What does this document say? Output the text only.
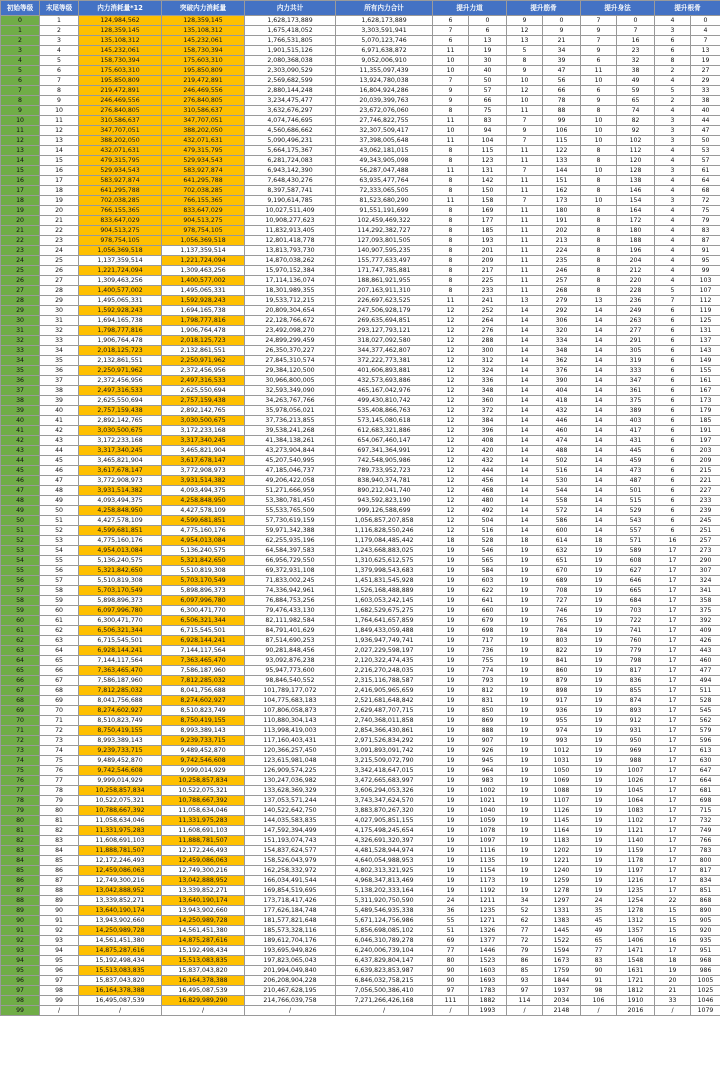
初始等级	末尾等级	内力消耗量*12	突破内力消耗量	内力共计	所有内力合计	提升力道		提升筋骨		提升身法		提升根骨	
0	1	124,984,562	128,359,145	1,628,173,889	1,628,173,889	6	0	9	0	7	0	4	0
1	2	128,359,145	135,108,312	1,675,418,052	3,303,591,941	7	6	12	9	9	7	3	4
2	3	135,108,312	145,232,061	1,766,531,805	5,070,123,746	6	13	13	21	7	16	6	7
3	4	145,232,061	158,730,394	1,901,515,126	6,971,638,872	11	19	5	34	9	23	6	13
4	5	158,730,394	175,603,310	2,080,368,038	9,052,006,910	10	30	8	39	6	32	8	19
5	6	175,603,310	195,850,809	2,303,090,529	11,355,097,439	10	40	9	47	11	38	2	27
6	7	195,850,809	219,472,891	2,569,682,599	13,924,780,038	7	50	10	56	10	49	4	29
7	8	219,472,891	246,469,556	2,880,144,248	16,804,924,286	9	57	12	66	6	59	5	33
8	9	246,469,556	276,840,805	3,234,475,477	20,039,399,763	9	66	10	78	9	65	2	38
9	10	276,840,805	310,586,637	3,632,676,297	23,672,076,060	8	75	11	88	8	74	4	40
10	11	310,586,637	347,707,051	4,074,746,695	27,746,822,755	11	83	7	99	10	82	3	44
11	12	347,707,051	388,202,050	4,560,686,662	32,307,509,417	10	94	9	106	10	92	3	47
12	13	388,202,050	432,071,631	5,090,496,231	37,398,005,648	11	104	7	115	10	102	3	50
13	14	432,071,631	479,315,795	5,664,175,367	43,062,181,015	8	115	11	122	8	112	4	53
14	15	479,315,795	529,934,543	6,281,724,083	49,343,905,098	8	123	11	133	8	120	4	57
15	16	529,934,543	583,927,874	6,943,142,390	56,287,047,488	11	131	7	144	10	128	3	61
16	17	583,927,874	641,295,788	7,648,430,276	63,935,477,764	8	142	11	151	8	138	4	64
17	18	641,295,788	702,038,285	8,397,587,741	72,333,065,505	8	150	11	162	8	146	4	68
18	19	702,038,285	766,155,365	9,190,614,785	81,523,680,290	11	158	7	173	10	154	3	72
19	20	766,155,365	833,647,029	10,027,511,409	91,551,191,699	8	169	11	180	8	164	4	75
20	21	833,647,029	904,513,275	10,908,277,623	102,459,469,322	8	177	11	191	8	172	4	79
21	22	904,513,275	978,754,105	11,832,913,405	114,292,382,727	8	185	11	202	8	180	4	83
22	23	978,754,105	1,056,369,518	12,801,418,778	127,093,801,505	8	193	11	213	8	188	4	87
23	24	1,056,369,518	1,137,359,514	13,813,793,730	140,907,595,235	8	201	11	224	8	196	4	91
24	25	1,137,359,514	1,221,724,094	14,870,038,262	155,777,633,497	8	209	11	235	8	204	4	95
25	26	1,221,724,094	1,309,463,256	15,970,152,384	171,747,785,881	8	217	11	246	8	212	4	99
26	27	1,309,463,256	1,400,577,002	17,114,136,074	188,861,921,955	8	225	11	257	8	220	4	103
27	28	1,400,577,002	1,495,065,331	18,301,989,355	207,163,911,310	8	233	11	268	8	228	5	107
28	29	1,495,065,331	1,592,928,243	19,533,712,215	226,697,623,525	11	241	13	279	13	236	7	112
29	30	1,592,928,243	1,694,165,738	20,809,304,654	247,506,928,179	12	252	14	292	14	249	6	119
30	31	1,694,165,738	1,798,777,816	22,128,766,672	269,635,694,851	12	264	14	306	14	263	6	125
31	32	1,798,777,816	1,906,764,478	23,492,098,270	293,127,793,121	12	276	14	320	14	277	6	131
32	33	1,906,764,478	2,018,125,723	24,899,299,459	318,027,092,580	12	288	14	334	14	291	6	137
33	34	2,018,125,723	2,132,861,551	26,350,370,227	344,377,462,807	12	300	14	348	14	305	6	143
34	35	2,132,861,551	2,250,971,962	27,845,310,574	372,222,773,381	12	312	14	362	14	319	6	149
35	36	2,250,971,962	2,372,456,956	29,384,120,500	401,606,893,881	12	324	14	376	14	333	6	155
36	37	2,372,456,956	2,497,316,533	30,966,800,005	432,573,693,886	12	336	14	390	14	347	6	161
37	38	2,497,316,533	2,625,550,694	32,593,349,090	465,167,042,976	12	348	14	404	14	361	6	167
38	39	2,625,550,694	2,757,159,438	34,263,767,766	499,430,810,742	12	360	14	418	14	375	6	173
39	40	2,757,159,438	2,892,142,765	35,978,056,021	535,408,866,763	12	372	14	432	14	389	6	179
40	41	2,892,142,765	3,030,500,675	37,736,213,855	573,145,080,618	12	384	14	446	14	403	6	185
41	42	3,030,500,675	3,172,233,168	39,538,241,268	612,683,321,886	12	396	14	460	14	417	6	191
42	43	3,172,233,168	3,317,340,245	41,384,138,261	654,067,460,147	12	408	14	474	14	431	6	197
43	44	3,317,340,245	3,465,821,904	43,273,904,844	697,341,364,991	12	420	14	488	14	445	6	203
44	45	3,465,821,904	3,617,678,147	45,207,540,995	742,548,905,986	12	432	14	502	14	459	6	209
45	46	3,617,678,147	3,772,908,973	47,185,046,737	789,733,952,723	12	444	14	516	14	473	6	215
46	47	3,772,908,973	3,931,514,382	49,206,422,058	838,940,374,781	12	456	14	530	14	487	6	221
47	48	3,931,514,382	4,093,494,375	51,271,666,959	890,212,041,740	12	468	14	544	14	501	6	227
48	49	4,093,494,375	4,258,848,950	53,380,781,450	943,592,823,190	12	480	14	558	14	515	6	233
49	50	4,258,848,950	4,427,578,109	55,533,765,509	999,126,588,699	12	492	14	572	14	529	6	239
50	51	4,427,578,109	4,599,681,851	57,730,619,159	1,056,857,207,858	12	504	14	586	14	543	6	245
51	52	4,599,681,851	4,775,160,176	59,971,342,388	1,116,828,550,246	12	516	14	600	14	557	6	251
52	53	4,775,160,176	4,954,013,084	62,255,935,196	1,179,084,485,442	18	528	18	614	18	571	16	257
53	54	4,954,013,084	5,136,240,575	64,584,397,583	1,243,668,883,025	19	546	19	632	19	589	17	273
54	55	5,136,240,575	5,321,842,650	66,956,729,550	1,310,625,612,575	19	565	19	651	19	608	17	290
55	56	5,321,842,650	5,510,819,308	69,372,931,108	1,379,998,543,683	19	584	19	670	19	627	17	307
56	57	5,510,819,308	5,703,170,549	71,833,002,245	1,451,831,545,928	19	603	19	689	19	646	17	324
57	58	5,703,170,549	5,898,896,373	74,336,942,961	1,526,168,488,889	19	622	19	708	19	665	17	341
58	59	5,898,896,373	6,097,996,780	76,884,753,256	1,603,053,242,145	19	641	19	727	19	684	17	358
59	60	6,097,996,780	6,300,471,770	79,476,433,130	1,682,529,675,275	19	660	19	746	19	703	17	375
60	61	6,300,471,770	6,506,321,344	82,111,982,584	1,764,641,657,859	19	679	19	765	19	722	17	392
61	62	6,506,321,344	6,715,545,501	84,791,401,629	1,849,433,059,488	19	698	19	784	19	741	17	409
62	63	6,715,545,501	6,928,144,241	87,514,690,253	1,936,947,749,741	19	717	19	803	19	760	17	426
63	64	6,928,144,241	7,144,117,564	90,281,848,456	2,027,229,598,197	19	736	19	822	19	779	17	443
64	65	7,144,117,564	7,363,465,470	93,092,876,238	2,120,322,474,435	19	755	19	841	19	798	17	460
65	66	7,363,465,470	7,586,187,960	95,947,773,600	2,216,270,248,035	19	774	19	860	19	817	17	477
66	67	7,586,187,960	7,812,285,032	98,846,540,552	2,315,116,788,587	19	793	19	879	19	836	17	494
67	68	7,812,285,032	8,041,756,688	101,789,177,072	2,416,905,965,659	19	812	19	898	19	855	17	511
68	69	8,041,756,688	8,274,602,927	104,775,683,183	2,521,681,648,842	19	831	19	917	19	874	17	528
69	70	8,274,602,927	8,510,823,749	107,806,058,873	2,629,487,707,715	19	850	19	936	19	893	17	545
70	71	8,510,823,749	8,750,419,155	110,880,304,143	2,740,368,011,858	19	869	19	955	19	912	17	562
71	72	8,750,419,155	8,993,389,143	113,998,419,003	2,854,366,430,861	19	888	19	974	19	931	17	579
72	73	8,993,389,143	9,239,733,715	117,160,403,431	2,971,526,834,292	19	907	19	993	19	950	17	596
73	74	9,239,733,715	9,489,452,870	120,366,257,450	3,091,893,091,742	19	926	19	1012	19	969	17	613
74	75	9,489,452,870	9,742,546,608	123,615,981,048	3,215,509,072,790	19	945	19	1031	19	988	17	630
75	76	9,742,546,608	9,999,014,929	126,909,574,225	3,342,418,647,015	19	964	19	1050	19	1007	17	647
76	77	9,999,014,929	10,258,857,834	130,247,036,982	3,472,665,683,997	19	983	19	1069	19	1026	17	664
77	78	10,258,857,834	10,522,075,321	133,628,369,329	3,606,294,053,326	19	1002	19	1088	19	1045	17	681
78	79	10,522,075,321	10,788,667,392	137,053,571,244	3,743,347,624,570	19	1021	19	1107	19	1064	17	698
79	80	10,788,667,392	11,058,634,046	140,522,642,750	3,883,870,267,320	19	1040	19	1126	19	1083	17	715
80	81	11,058,634,046	11,331,975,283	144,035,583,835	4,027,905,851,155	19	1059	19	1145	19	1102	17	732
81	82	11,331,975,283	11,608,691,103	147,592,394,499	4,175,498,245,654	19	1078	19	1164	19	1121	17	749
82	83	11,608,691,103	11,888,781,507	151,193,074,743	4,326,691,320,397	19	1097	19	1183	19	1140	17	766
83	84	11,888,781,507	12,172,246,493	154,837,624,577	4,481,528,944,974	19	1116	19	1202	19	1159	17	783
84	85	12,172,246,493	12,459,086,063	158,526,043,979	4,640,054,988,953	19	1135	19	1221	19	1178	17	800
85	86	12,459,086,063	12,749,300,216	162,258,332,972	4,802,313,321,925	19	1154	19	1240	19	1197	17	817
86	87	12,749,300,216	13,042,888,952	166,034,491,544	4,968,347,813,469	19	1173	19	1259	19	1216	17	834
87	88	13,042,888,952	13,339,852,271	169,854,519,695	5,138,202,333,164	19	1192	19	1278	19	1235	17	851
88	89	13,339,852,271	13,640,190,174	173,718,417,426	5,311,920,750,590	24	1211	34	1297	24	1254	22	868
89	90	13,640,190,174	13,943,902,660	177,626,184,748	5,489,546,935,338	36	1235	52	1331	35	1278	15	890
90	91	13,943,902,660	14,250,989,728	181,577,821,648	5,671,124,756,986	55	1271	62	1383	45	1312	15	905
91	92	14,250,989,728	14,561,451,380	185,573,328,116	5,856,698,085,102	51	1326	77	1445	49	1357	15	920
92	93	14,561,451,380	14,875,287,616	189,612,704,176	6,046,310,789,278	69	1377	72	1522	65	1406	16	935
93	94	14,875,287,616	15,192,498,434	193,695,949,826	6,240,006,739,104	77	1446	79	1594	77	1471	17	951
94	95	15,192,498,434	15,513,083,835	197,823,065,043	6,437,829,804,147	80	1523	86	1673	83	1548	18	968
95	96	15,513,083,835	15,837,043,820	201,994,049,840	6,639,823,853,987	90	1603	85	1759	90	1631	19	986
96	97	15,837,043,820	16,164,378,388	206,208,904,228	6,846,032,758,215	90	1693	93	1844	91	1721	20	1005
97	98	16,164,378,388	16,495,087,539	210,467,628,195	7,056,500,386,410	97	1783	97	1937	98	1812	21	1025
98	99	16,495,087,539	16,829,989,290	214,766,039,758	7,271,266,426,168	111	1882	114	2034	106	1910	33	1046
99	/	/	/	/	/	/	1993	/	2148	/	2016	/	1079
